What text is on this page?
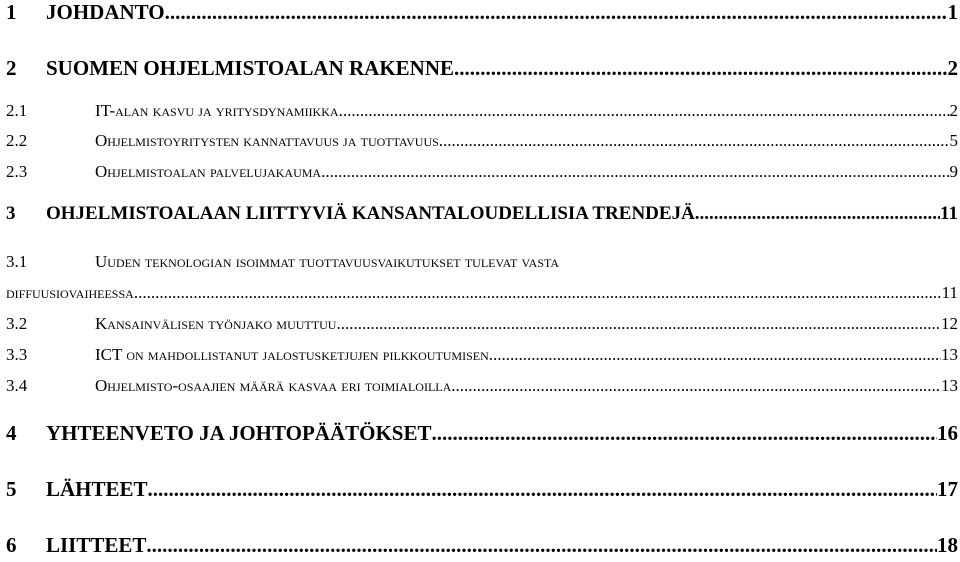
1	JOHDANTO .....	1
2	SUOMEN OHJELMISTOALAN RAKENNE .....	2
2.1	IT-alan kasvu ja yritysdynamiikka .....	2
2.2	Ohjelmistoyritysten kannattavuus ja tuottavuus .....	5
2.3	Ohjelmistoalan palvelujakauma .....	9
3	OHJELMISTOALAAN LIITTYVIÄ KANSANTALOUDELLISIA TRENDEJÄ .....	11
3.1	Uuden teknologian isoimmat tuottavuusvaikutukset tulevat vasta
diffuusiovaiheessa .....	11
3.2	Kansainvälisen työnjako muuttuu .....	12
3.3	ICT on mahdollistanut jalostusketjujen pilkkoutumisen .....	13
3.4	Ohjelmisto-osaajien määrä kasvaa eri toimialoilla .....	13
4	YHTEENVETO JA JOHTOPÄÄTÖKSET .....	16
5	LÄHTEET .....	17
6	LIITTEET .....	18
